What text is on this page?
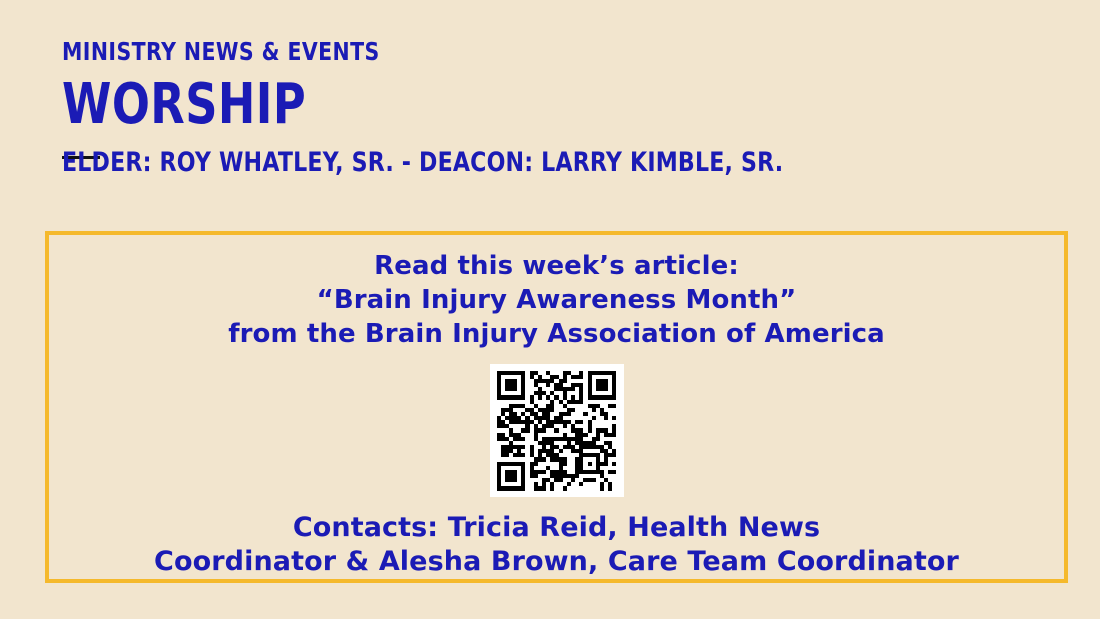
MINISTRY NEWS & EVENTS
WORSHIP
ELDER: ROY WHATLEY, SR. - DEACON: LARRY KIMBLE, SR.
Read this week’s article:
“Brain Injury Awareness Month”
from the Brain Injury Association of America
Contacts: Tricia Reid, Health News
Coordinator & Alesha Brown, Care Team Coordinator
